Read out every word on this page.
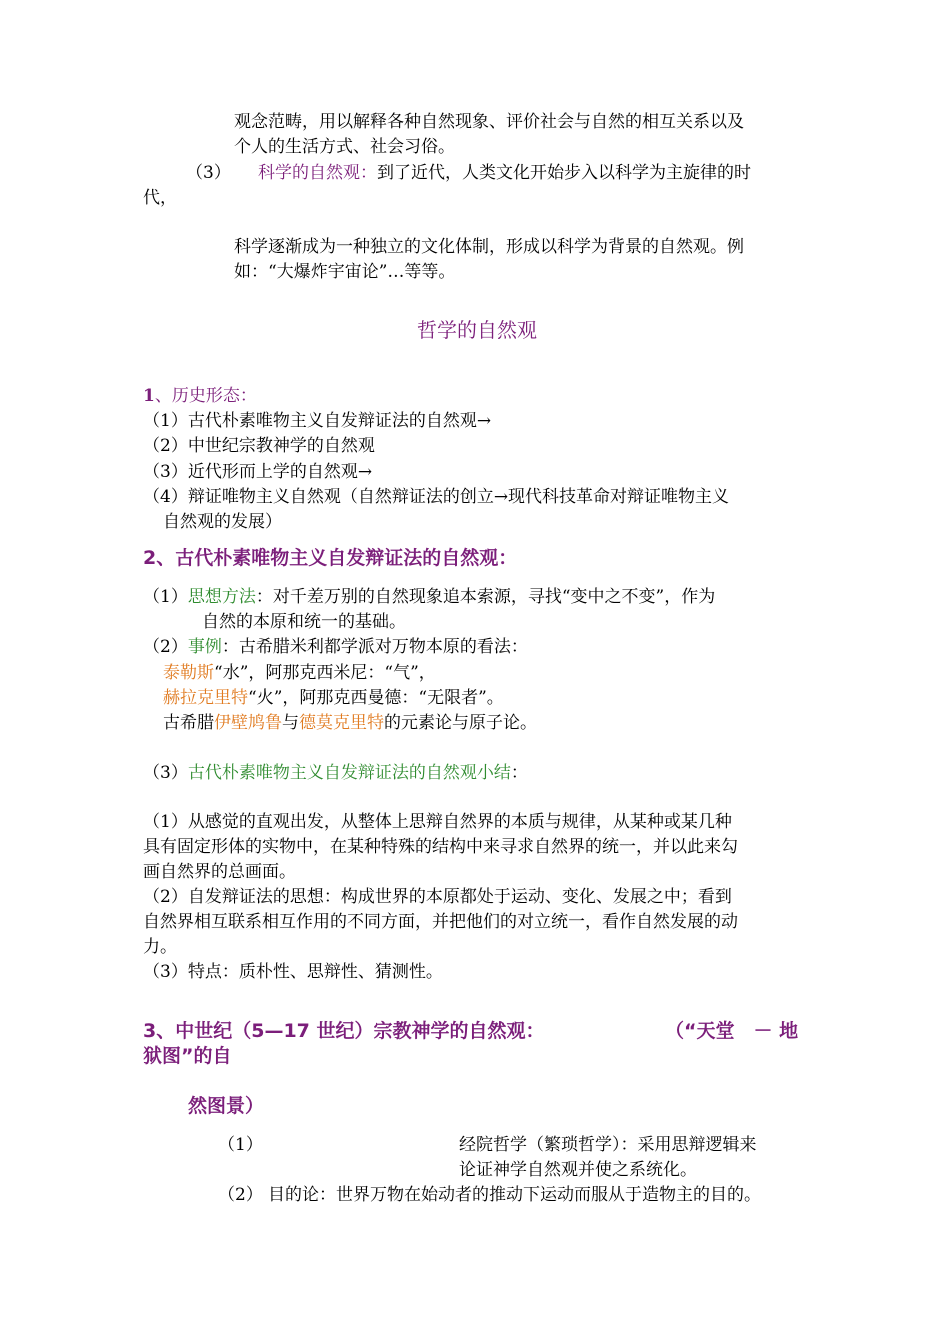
观念范畴，用以解释各种自然现象、评价社会与自然的相互关系以及
个人的生活方式、社会习俗。
（3） 科学的自然观：到了近代，人类文化开始步入以科学为主旋律的时
代，
科学逐渐成为一种独立的文化体制，形成以科学为背景的自然观。例
如：“大爆炸宇宙论”…等等。
哲学的自然观
1、历史形态：
（1）古代朴素唯物主义自发辩证法的自然观→
（2）中世纪宗教神学的自然观
（3）近代形而上学的自然观→
（4）辩证唯物主义自然观（自然辩证法的创立→现代科技革命对辩证唯物主义
自然观的发展）
2、古代朴素唯物主义自发辩证法的自然观：
（1）思想方法：对千差万别的自然现象追本索源，寻找“变中之不变”，作为
自然的本原和统一的基础。
（2）事例：古希腊米利都学派对万物本原的看法：
泰勒斯“水”，阿那克西米尼：“气”，
赫拉克里特“火”，阿那克西曼德：“无限者”。
古希腊伊壁鸠鲁与德莫克里特的元素论与原子论。
（3）古代朴素唯物主义自发辩证法的自然观小结：
（1）从感觉的直观出发，从整体上思辩自然界的本质与规律，从某种或某几种
具有固定形体的实物中，在某种特殊的结构中来寻求自然界的统一，并以此来勾
画自然界的总画面。
（2）自发辩证法的思想：构成世界的本原都处于运动、变化、发展之中；看到
自然界相互联系相互作用的不同方面，并把他们的对立统一，看作自然发展的动
力。
（3）特点：质朴性、思辩性、猜测性。
3、中世纪（5—17 世纪）宗教神学的自然观：	（“天堂　－ 地
狱图”的自
然图景）
（1）	经院哲学（繁琐哲学）：采用思辩逻辑来
论证神学自然观并使之系统化。
（2） 目的论：世界万物在始动者的推动下运动而服从于造物主的目的。
